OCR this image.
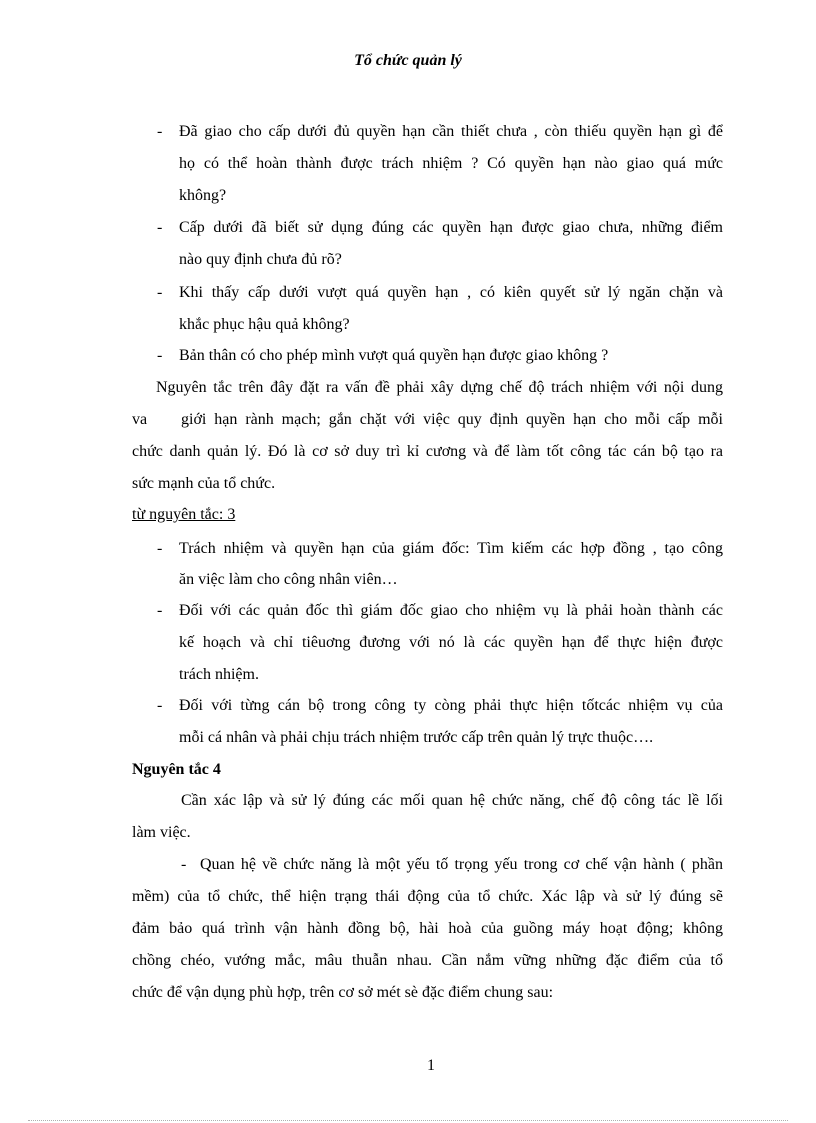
Tổ chức quản lý
- Đã giao cho cấp dưới đủ quyền hạn cần thiết chưa , còn thiếu quyền hạn gì để
họ có thể hoàn thành được trách nhiệm ? Có quyền hạn nào giao quá mức
không?
- Cấp dưới đã biết sử dụng đúng các quyền hạn được giao chưa, những điểm
nào quy định chưa đủ rõ?
- Khi thấy cấp dưới vượt quá quyền hạn , có kiên quyết sử lý ngăn chặn và
khắc phục hậu quả không?
- Bản thân có cho phép mình vượt quá quyền hạn được giao không ?
Nguyên tắc trên đây đặt ra vấn đề phải xây dựng chế độ trách nhiệm với nội dung
va giới hạn rành mạch; gắn chặt với việc quy định quyền hạn cho mỗi cấp mỗi
chức danh quản lý. Đó là cơ sở duy trì kỉ cương và để làm tốt công tác cán bộ tạo ra
sức mạnh của tổ chức.
từ nguyên tắc: 3
- Trách nhiệm và quyền hạn của giám đốc: Tìm kiếm các hợp đồng , tạo công
ăn việc làm cho công nhân viên…
- Đối với các quản đốc thì giám đốc giao cho nhiệm vụ là phải hoàn thành các
kế hoạch và chỉ tiêuơng đương với nó là các quyền hạn để thực hiện được
trách nhiệm.
- Đối với từng cán bộ trong công ty còng phải thực hiện tốtcác nhiệm vụ của
mỗi cá nhân và phải chịu trách nhiệm trước cấp trên quản lý trực thuộc….
Nguyên tắc 4
Cần xác lập và sử lý đúng các mối quan hệ chức năng, chế độ công tác lề lối
làm việc.
- Quan hệ về chức năng là một yếu tố trọng yếu trong cơ chế vận hành ( phần
mềm) của tổ chức, thể hiện trạng thái động của tổ chức. Xác lập và sử lý đúng sẽ
đảm bảo quá trình vận hành đồng bộ, hài hoà của guồng máy hoạt động; không
chồng chéo, vướng mắc, mâu thuẫn nhau. Cần nắm vững những đặc điểm của tổ
chức để vận dụng phù hợp, trên cơ sở mét sè đặc điểm chung sau:
1
